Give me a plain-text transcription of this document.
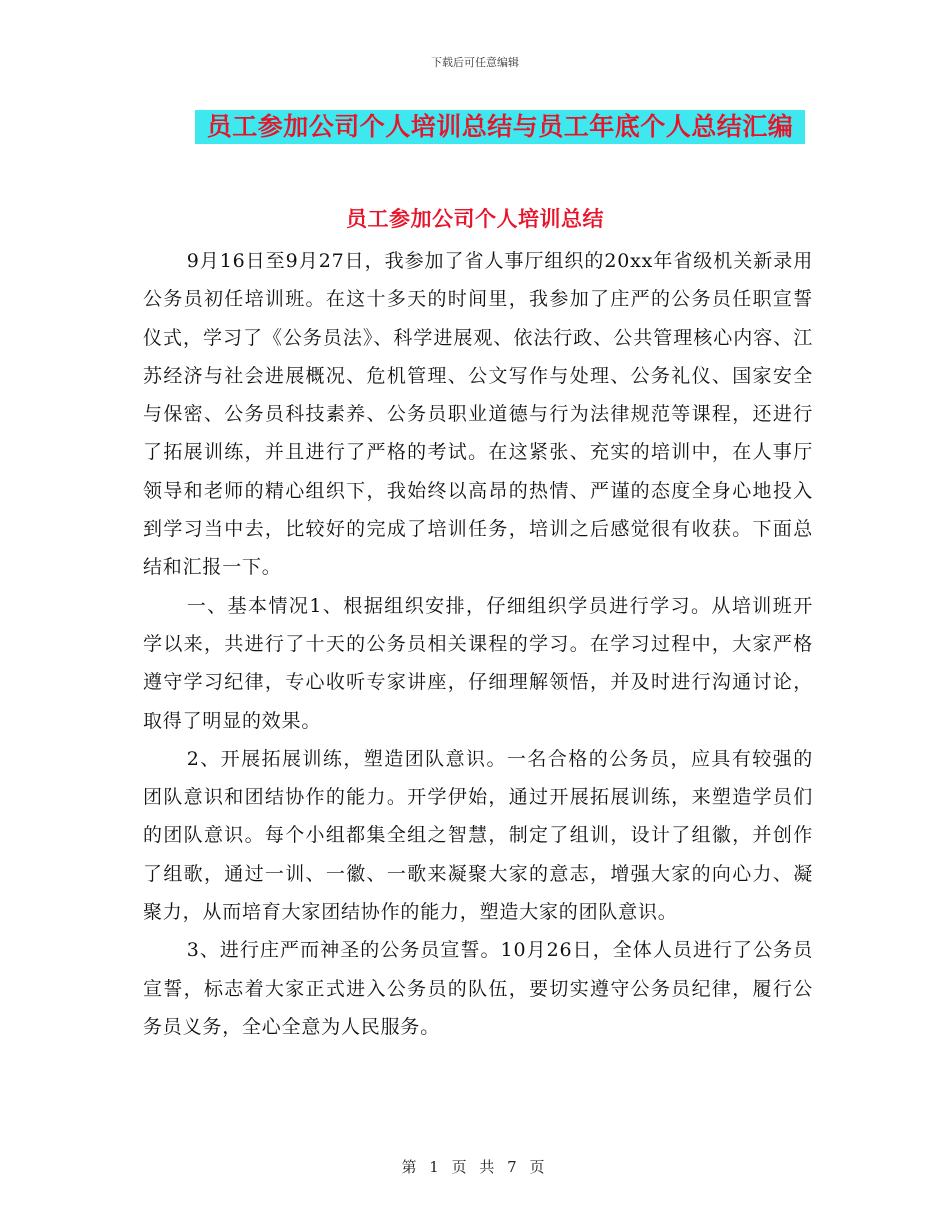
下载后可任意编辑
员工参加公司个人培训总结与员工年底个人总结汇编
员工参加公司个人培训总结

9月16日至9月27日，我参加了省人事厅组织的20xx年省级机关新录用公务员初任培训班。在这十多天的时间里，我参加了庄严的公务员任职宣誓仪式，学习了《公务员法》、科学进展观、依法行政、公共管理核心内容、江苏经济与社会进展概况、危机管理、公文写作与处理、公务礼仪、国家安全与保密、公务员科技素养、公务员职业道德与行为法律规范等课程，还进行了拓展训练，并且进行了严格的考试。在这紧张、充实的培训中，在人事厅领导和老师的精心组织下，我始终以高昂的热情、严谨的态度全身心地投入到学习当中去，比较好的完成了培训任务，培训之后感觉很有收获。下面总结和汇报一下。

一、基本情况1、根据组织安排，仔细组织学员进行学习。从培训班开学以来，共进行了十天的公务员相关课程的学习。在学习过程中，大家严格遵守学习纪律，专心收听专家讲座，仔细理解领悟，并及时进行沟通讨论，取得了明显的效果。

2、开展拓展训练，塑造团队意识。一名合格的公务员，应具有较强的团队意识和团结协作的能力。开学伊始，通过开展拓展训练，来塑造学员们的团队意识。每个小组都集全组之智慧，制定了组训，设计了组徽，并创作了组歌，通过一训、一徽、一歌来凝聚大家的意志，增强大家的向心力、凝聚力，从而培育大家团结协作的能力，塑造大家的团队意识。

3、进行庄严而神圣的公务员宣誓。10月26日，全体人员进行了公务员宣誓，标志着大家正式进入公务员的队伍，要切实遵守公务员纪律，履行公务员义务，全心全意为人民服务。

第 1 页 共 7 页
